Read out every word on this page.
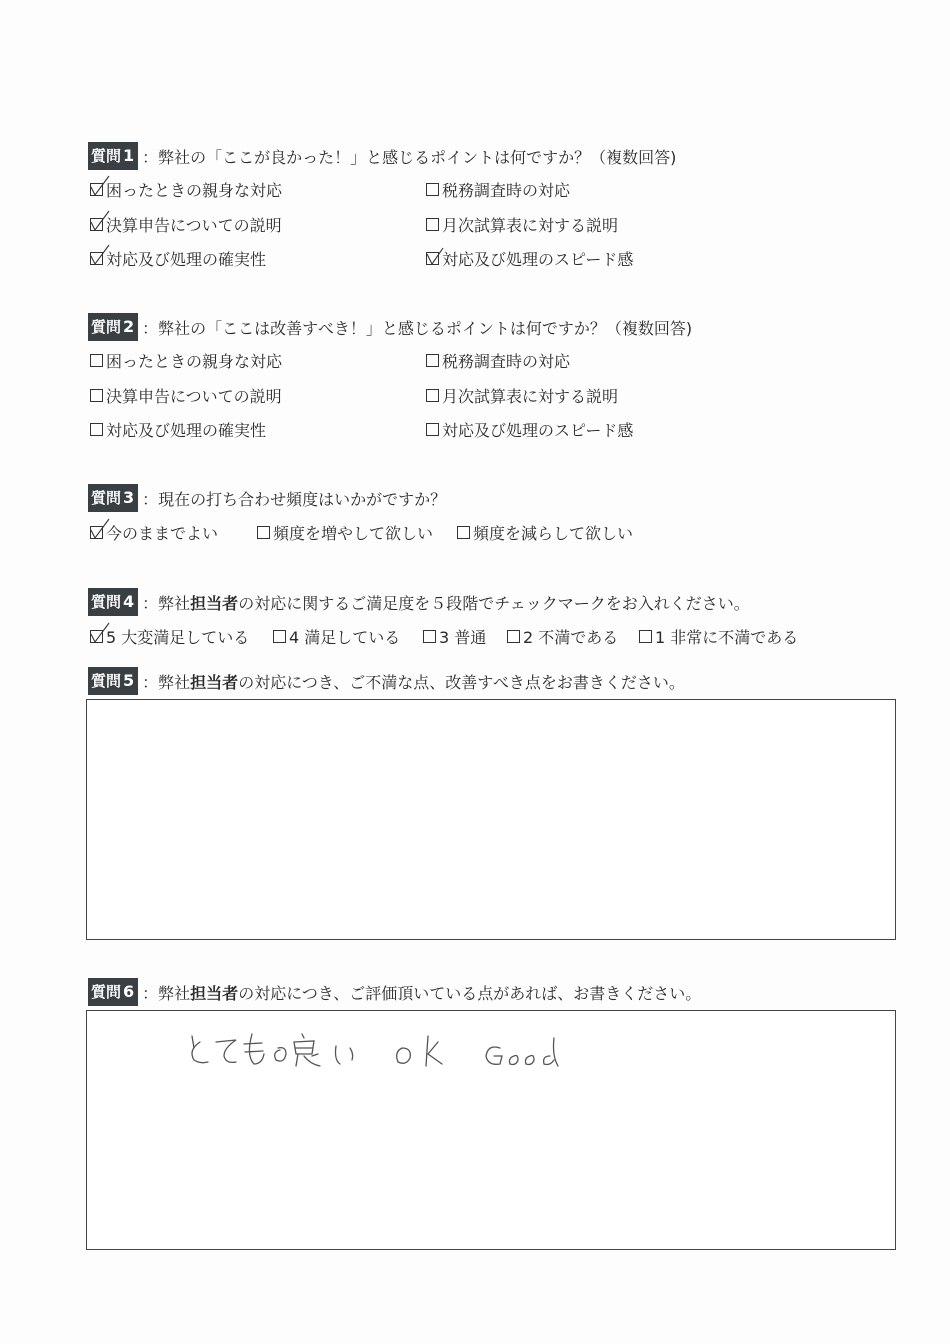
質問 1 ：弊社の「ここが良かった！」と感じるポイントは何ですか？（複数回答)
困ったときの親身な対応	税務調査時の対応
決算申告についての説明	月次試算表に対する説明
対応及び処理の確実性	対応及び処理のスピード感
質問 2 ：弊社の「ここは改善すべき！」と感じるポイントは何ですか？（複数回答)
困ったときの親身な対応	税務調査時の対応
決算申告についての説明	月次試算表に対する説明
対応及び処理の確実性	対応及び処理のスピード感
質問 3 ：現在の打ち合わせ頻度はいかがですか？
今のままでよい	頻度を増やして欲しい 頻度を減らして欲しい
質問 4 ：弊社担当者の対応に関するご満足度を５段階でチェックマークをお入れください。
5 大変満足している 4 満足している 3 普通 2 不満である 1 非常に不満である
質問 5 ：弊社担当者の対応につき、ご不満な点、改善すべき点をお書きください。
質問 6 ：弊社担当者の対応につき、ご評価頂いている点があれば、お書きください。
